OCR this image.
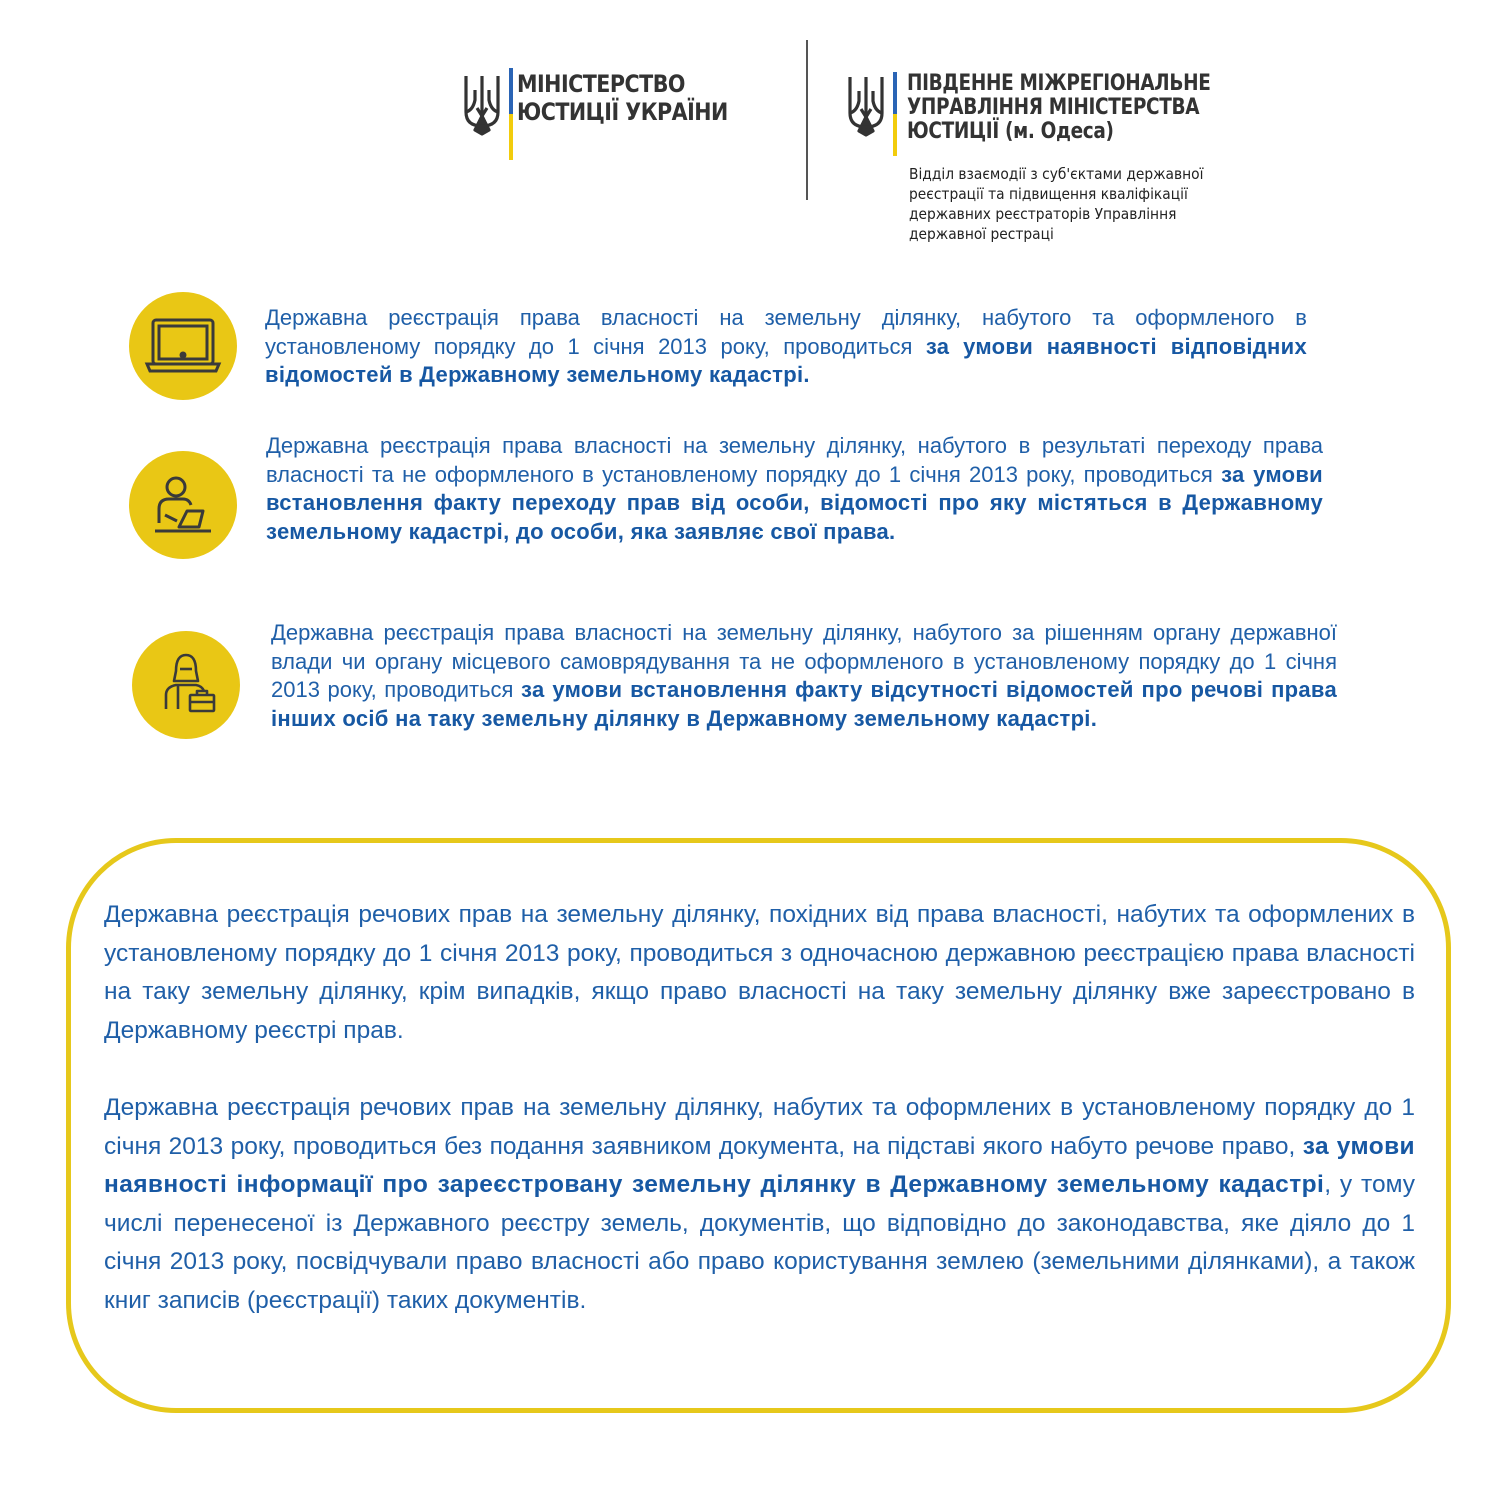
МІНІСТЕРСТВО
ЮСТИЦІЇ УКРАЇНИ
ПІВДЕННЕ МІЖРЕГІОНАЛЬНЕ
УПРАВЛІННЯ МІНІСТЕРСТВА
ЮСТИЦІЇ (м. Одеса)
Відділ взаємодії з суб'єктами державної
реєстрації та підвищення кваліфікації
державних реєстраторів Управління
державної рестраці
Державна реєстрація права власності на земельну ділянку, набутого та оформленого в установленому порядку до 1 січня 2013 року, проводиться за умови наявності відповідних відомостей в Державному земельному кадастрі.
Державна реєстрація права власності на земельну ділянку, набутого в результаті переходу права власності та не оформленого в установленому порядку до 1 січня 2013 року, проводиться за умови встановлення факту переходу прав від особи, відомості про яку містяться в Державному земельному кадастрі, до особи, яка заявляє свої права.
Державна реєстрація права власності на земельну ділянку, набутого за рішенням органу державної влади чи органу місцевого самоврядування та не оформленого в установленому порядку до 1 січня 2013 року, проводиться за умови встановлення факту відсутності відомостей про речові права інших осіб на таку земельну ділянку в Державному земельному кадастрі.
Державна реєстрація речових прав на земельну ділянку, похідних від права власності, набутих та оформлених в установленому порядку до 1 січня 2013 року, проводиться з одночасною державною реєстрацією права власності на таку земельну ділянку, крім випадків, якщо право власності на таку земельну ділянку вже зареєстровано в Державному реєстрі прав.
Державна реєстрація речових прав на земельну ділянку, набутих та оформлених в установленому порядку до 1 січня 2013 року, проводиться без подання заявником документа, на підставі якого набуто речове право, за умови наявності інформації про зареєстровану земельну ділянку в Державному земельному кадастрі, у тому числі перенесеної із Державного реєстру земель, документів, що відповідно до законодавства, яке діяло до 1 січня 2013 року, посвідчували право власності або право користування землею (земельними ділянками), а також книг записів (реєстрації) таких документів.
